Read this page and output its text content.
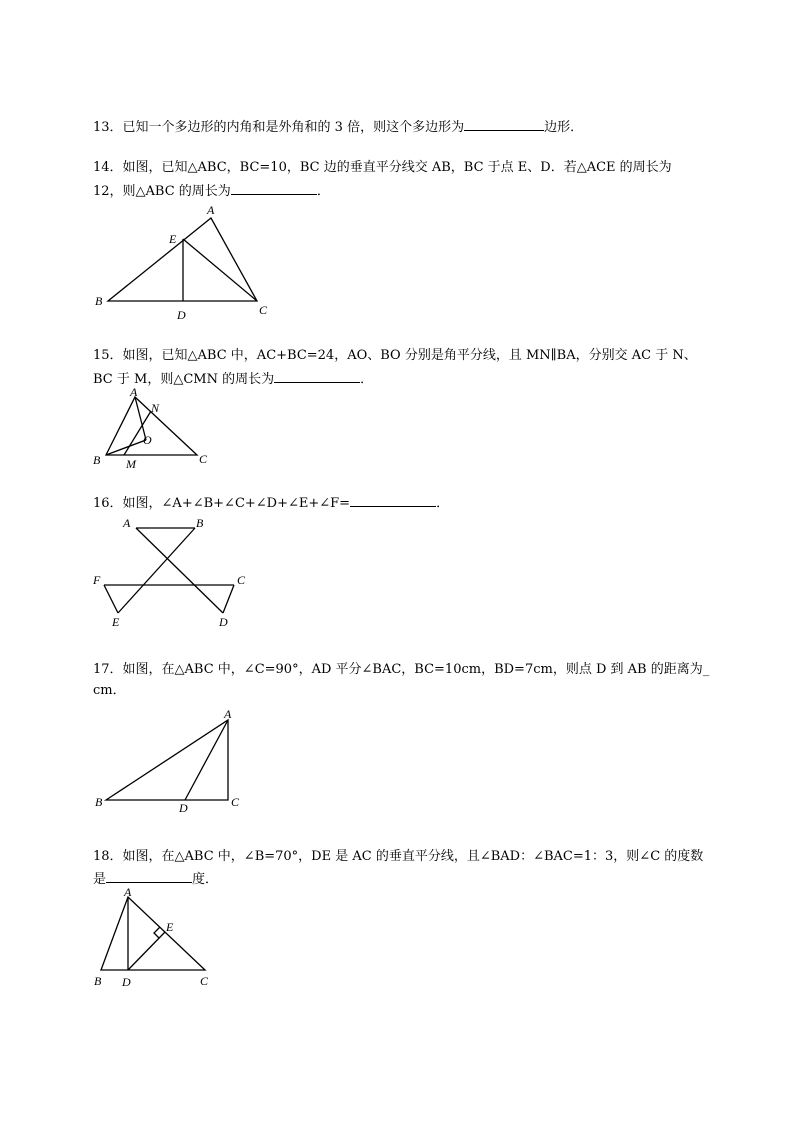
13．已知一个多边形的内角和是外角和的 3 倍，则这个多边形为	边形．
14．如图，已知△ABC，BC=10，BC 边的垂直平分线交 AB，BC 于点 E、D．若△ACE 的周长为
12，则△ABC 的周长为	．
A
B
C
D
E
15．如图，已知△ABC 中，AC+BC=24，AO、BO 分别是角平分线，且 MN∥BA，分别交 AC 于 N、
BC 于 M，则△CMN 的周长为	．
A
B	C
M
N
O
16．如图，∠A+∠B+∠C+∠D+∠E+∠F=	．
A	B
C
D
E
F
17．如图，在△ABC 中，∠C=90°，AD 平分∠BAC，BC=10cm，BD=7cm，则点 D 到 AB 的距离为_
cm．
A
B	C
D
18．如图，在△ABC 中，∠B=70°，DE 是 AC 的垂直平分线，且∠BAD：∠BAC=1：3，则∠C 的度数
是	度．
A
B	C
D
E
